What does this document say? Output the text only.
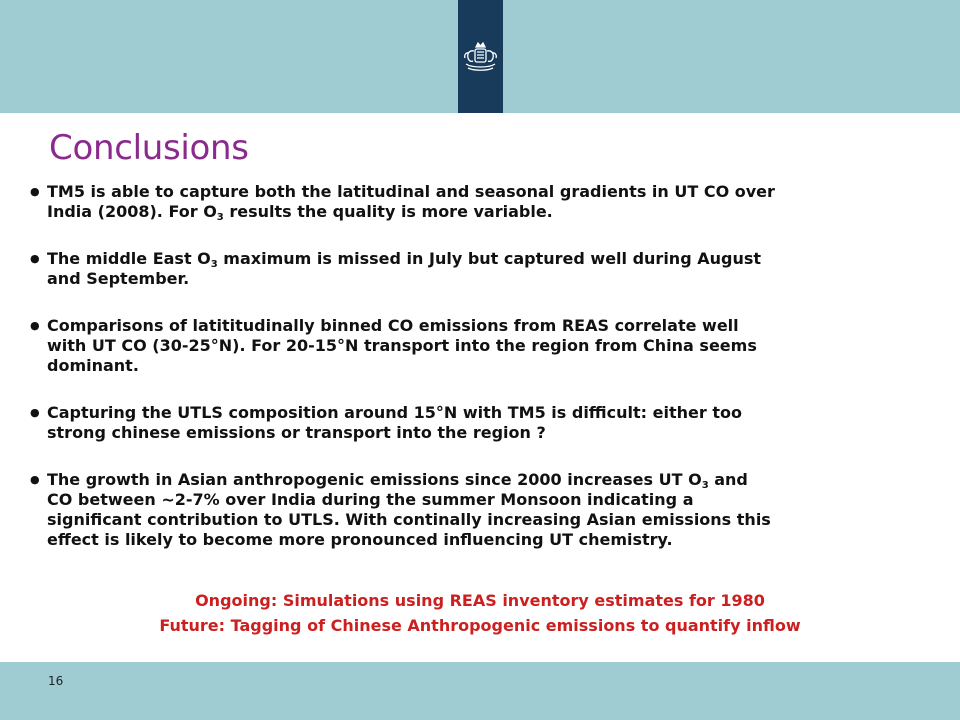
Conclusions
● TM5 is able to capture both the latitudinal and seasonal gradients in UT CO over
India (2008). For $O_3$ results the quality is more variable.
● The middle East $O_3$ maximum is missed in July but captured well during August
and September.
● Comparisons of latititudinally binned CO emissions from REAS correlate well
with UT CO (30-25°N). For 20-15°N transport into the region from China seems
dominant.
● Capturing the UTLS composition around 15°N with TM5 is difficult: either too
strong chinese emissions or transport into the region ?
● The growth in Asian anthropogenic emissions since 2000 increases UT $O_3$ and
CO between ~2-7% over India during the summer Monsoon indicating a
significant contribution to UTLS. With continally increasing Asian emissions this
effect is likely to become more pronounced influencing UT chemistry.
Ongoing: Simulations using REAS inventory estimates for 1980
Future: Tagging of Chinese Anthropogenic emissions to quantify inflow
16
